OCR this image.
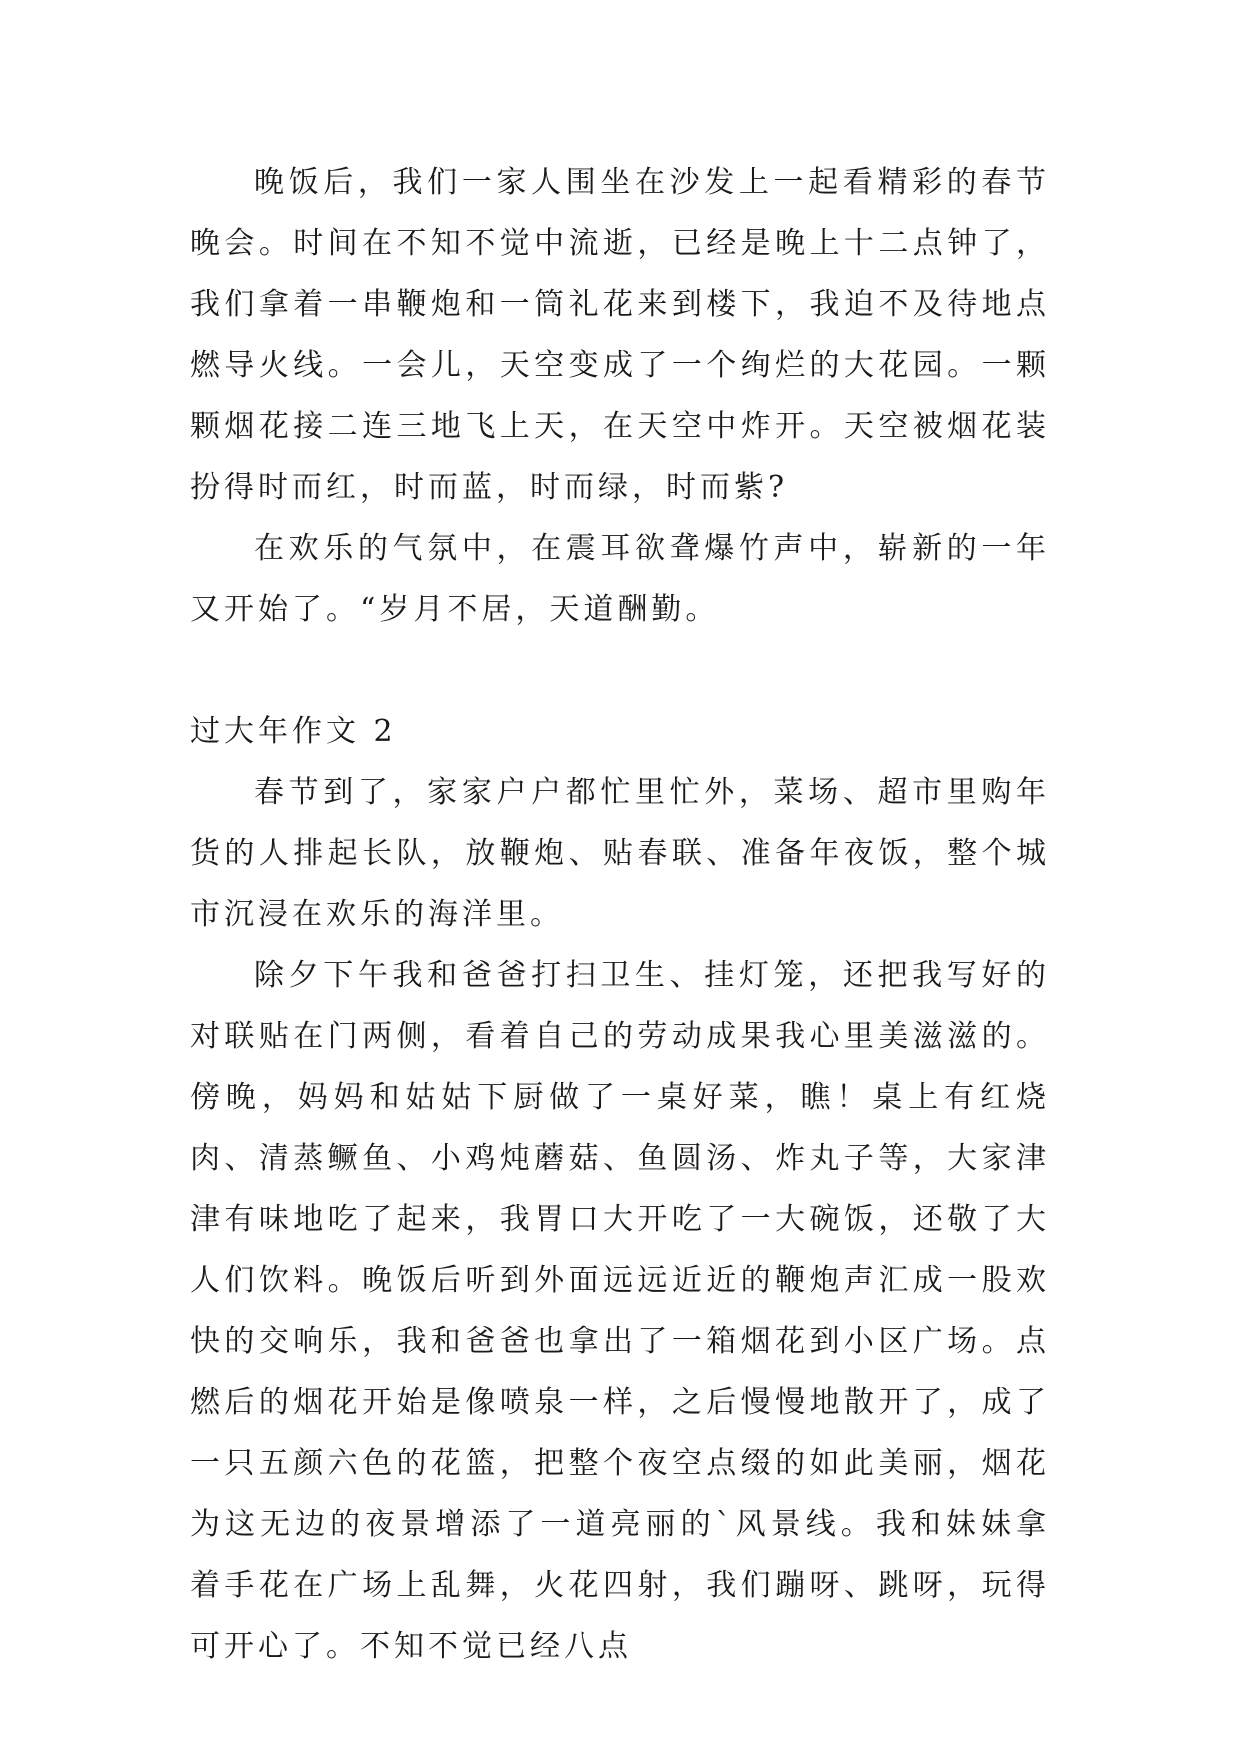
晚饭后，我们一家人围坐在沙发上一起看精彩的春节晚会。时间在不知不觉中流逝，已经是晚上十二点钟了，我们拿着一串鞭炮和一筒礼花来到楼下，我迫不及待地点燃导火线。一会儿，天空变成了一个绚烂的大花园。一颗颗烟花接二连三地飞上天，在天空中炸开。天空被烟花装扮得时而红，时而蓝，时而绿，时而紫?

在欢乐的气氛中，在震耳欲聋爆竹声中，崭新的一年又开始了。“岁月不居，天道酬勤。

过大年作文 2

春节到了，家家户户都忙里忙外，菜场、超市里购年货的人排起长队，放鞭炮、贴春联、准备年夜饭，整个城市沉浸在欢乐的海洋里。

除夕下午我和爸爸打扫卫生、挂灯笼，还把我写好的对联贴在门两侧，看着自己的劳动成果我心里美滋滋的。傍晚，妈妈和姑姑下厨做了一桌好菜，瞧！桌上有红烧肉、清蒸鳜鱼、小鸡炖蘑菇、鱼圆汤、炸丸子等，大家津津有味地吃了起来，我胃口大开吃了一大碗饭，还敬了大人们饮料。晚饭后听到外面远远近近的鞭炮声汇成一股欢快的交响乐，我和爸爸也拿出了一箱烟花到小区广场。点燃后的烟花开始是像喷泉一样，之后慢慢地散开了，成了一只五颜六色的花篮，把整个夜空点缀的如此美丽，烟花为这无边的夜景增添了一道亮丽的`风景线。我和妹妹拿着手花在广场上乱舞，火花四射，我们蹦呀、跳呀，玩得可开心了。不知不觉已经八点
